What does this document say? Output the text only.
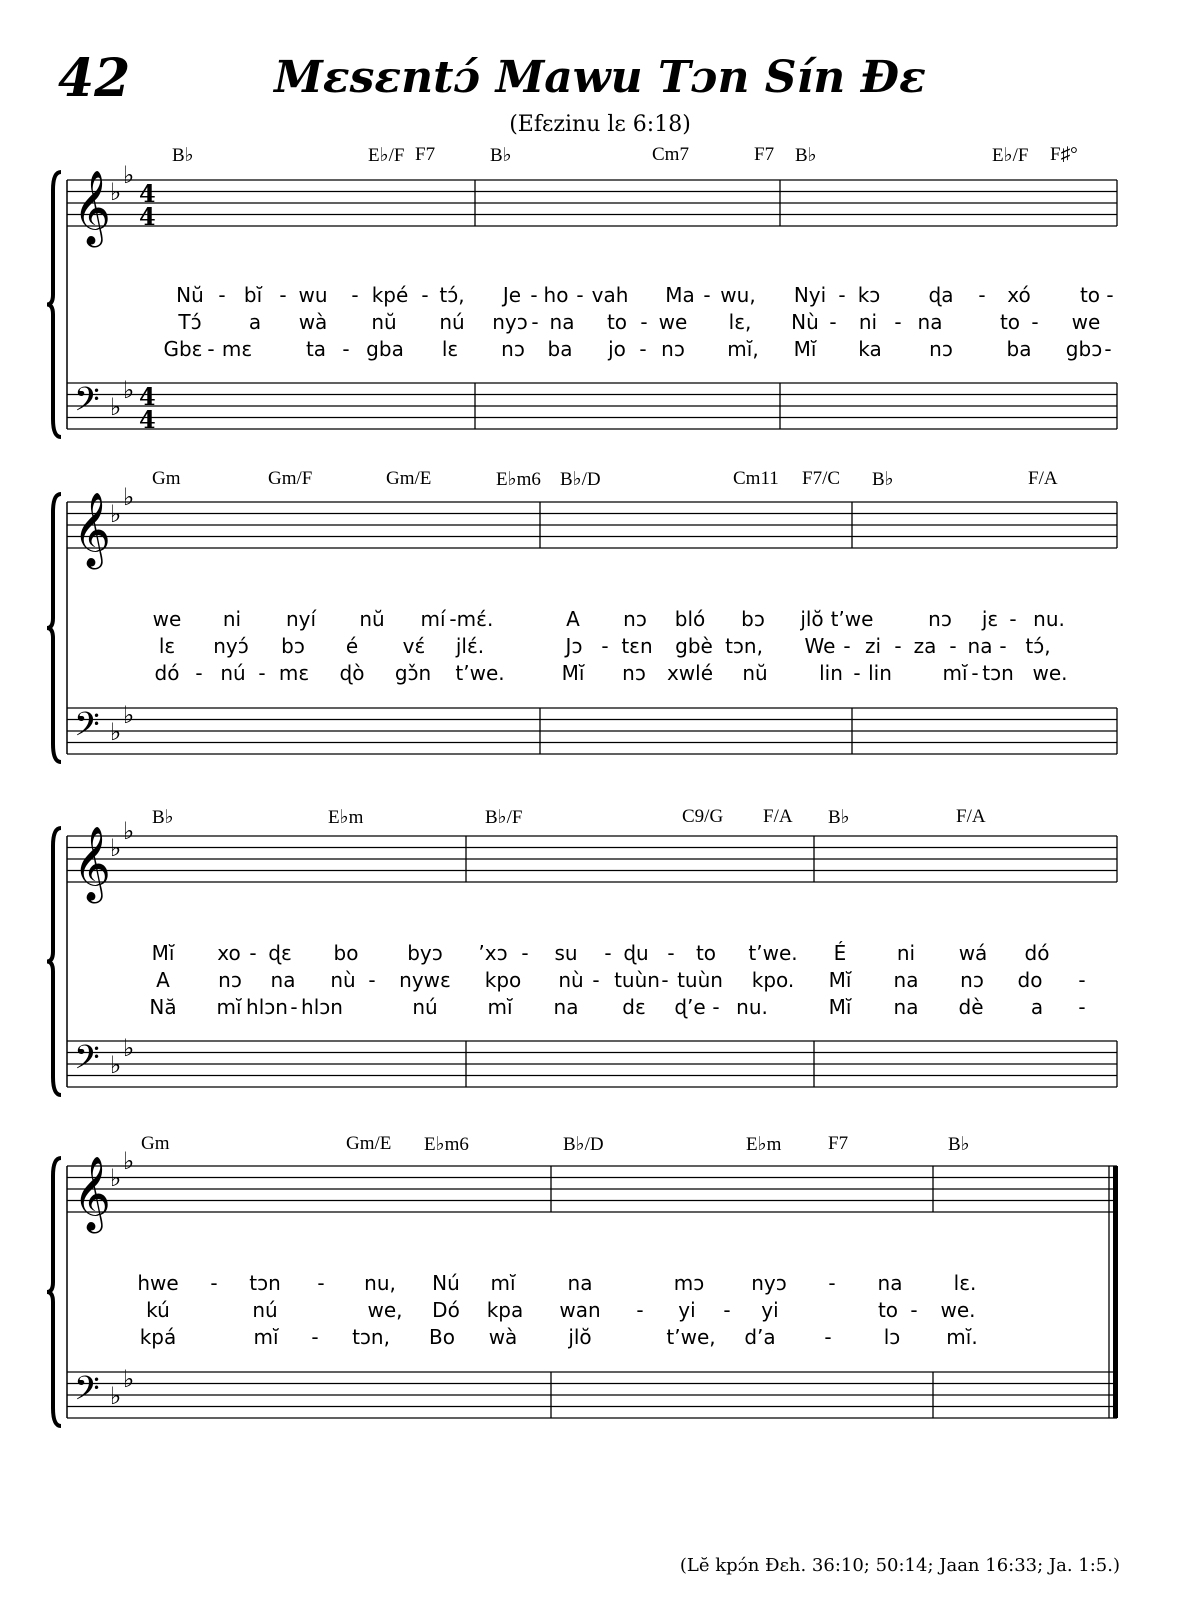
42	Mɛsɛntɔ́ Mawu Tɔn Sín Ɖɛ
(Efɛzinu lɛ 6:18)
𝄞 ♭
♭
4
4
𝄢 ♭
♭ 4
4
𝄞 ♭
♭
𝄢 ♭
♭
𝄞 ♭
♭
𝄢 ♭
♭
𝄞 ♭
♭
𝄢 ♭
♭
B♭	E♭/F F7	B♭	Cm7	F7 B♭	E♭/F F♯°
Nŭ - bĭ - wu - kpé - tɔ́, Je - ho - vah Ma - wu, Nyi - kɔ ɖa - xó to -
Tɔ́ a wà nŭ nú nyɔ - na to - we lɛ, Nù - ni - na	to - we
Gbɛ - mɛ	ta - gba lɛ nɔ ba jo - nɔ mĭ, Mĭ ka nɔ	ba gbɔ -
Gm	Gm/F	Gm/E	E♭m6 B♭/D	Cm11 F7/C B♭	F/A
we ni nyí nŭ mí - mɛ́.	A nɔ bló bɔ jlŏ t’we	nɔ jɛ - nu.
lɛ nyɔ́ bɔ é vɛ́ jlɛ́.	Jɔ - tɛn gbè tɔn, We - zi - za - na - tɔ́,
dó - nú - mɛ ɖò gɔ̌n t’we.	Mĭ nɔ xwlé nŭ	lin - lin	mĭ - tɔn we.
B♭	E♭m	B♭/F	C9/G F/A B♭	F/A
Mĭ xo - ɖɛ bo byɔ ’xɔ - su - ɖu - to t’we. É	ni wá dó
A nɔ na nù - nywɛ kpo nù - tuùn - tuùn kpo. Mĭ na nɔ do -
Nă mĭ hlɔn - hlɔn	nú mĭ na dɛ ɖ’e - nu.	Mĭ na dè a -
Gm	Gm/E E♭m6	B♭/D	E♭m F7	B♭
hwe - tɔn - nu, Nú mĭ	na	mɔ nyɔ - na	lɛ.
kú	nú	we, Dó kpa wan - yi - yi	to - we.
kpá	mĭ - tɔn, Bo wà	jlŏ	t’we, d’a -	lɔ mĭ.
(Lĕ kpɔ́n Ɖɛh. 36:10; 50:14; Jaan 16:33; Ja. 1:5.)
